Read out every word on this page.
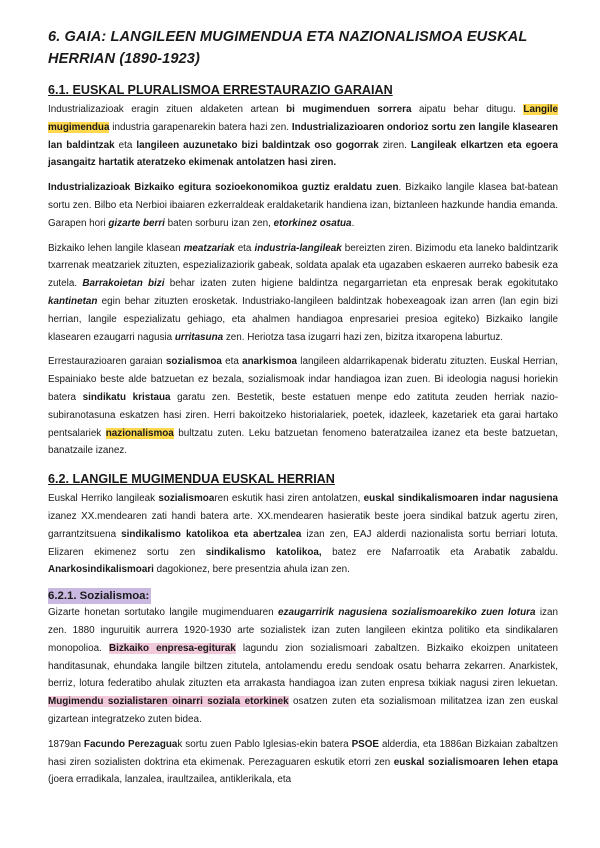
6. GAIA: LANGILEEN MUGIMENDUA ETA NAZIONALISMOA EUSKAL HERRIAN (1890-1923)
6.1. EUSKAL PLURALISMOA ERRESTAURAZIO GARAIAN

Industrializazioak eragin zituen aldaketen artean bi mugimenduen sorrera aipatu behar ditugu. Langile mugimendua industria garapenarekin batera hazi zen. Industrializazioaren ondorioz sortu zen langile klasearen lan baldintzak eta langileen auzunetako bizi baldintzak oso gogorrak ziren. Langileak elkartzen eta egoera jasangaitz hartatik ateratzeko ekimenak antolatzen hasi ziren.

Industrializazioak Bizkaiko egitura sozioekonomikoa guztiz eraldatu zuen. Bizkaiko langile klasea bat-batean sortu zen. Bilbo eta Nerbioi ibaiaren ezkerraldeak eraldaketarik handiena izan, biztanleen hazkunde handia emanda. Garapen hori gizarte berri baten sorburu izan zen, etorkinez osatua.

Bizkaiko lehen langile klasean meatzariak eta industria-langileak bereizten ziren. Bizimodu eta laneko baldintzarik txarrenak meatzariek zituzten, espezializaziorik gabeak, soldata apalak eta ugazaben eskaeren aurreko babesik eza zutela. Barrakoietan bizi behar izaten zuten higiene baldintza negargarrietan eta enpresak berak egokitutako kantinetan egin behar zituzten erosketak. Industriako-langileen baldintzak hobexeagoak izan arren (lan egin bizi herrian, langile espezializatu gehiago, eta ahalmen handiagoa enpresariei presioa egiteko) Bizkaiko langile klasearen ezaugarri nagusia urritasuna zen. Heriotza tasa izugarri hazi zen, bizitza itxaropena laburtuz.

Errestaurazioaren garaian sozialismoa eta anarkismoa langileen aldarrikapenak bideratu zituzten. Euskal Herrian, Espainiako beste alde batzuetan ez bezala, sozialismoak indar handiagoa izan zuen. Bi ideologia nagusi horiekin batera sindikatu kristaua garatu zen. Bestetik, beste estatuen menpe edo zatituta zeuden herriak nazio-subiranotasuna eskatzen hasi ziren. Herri bakoitzeko historialariek, poetek, idazleek, kazetariek eta garai hartako pentsalariek nazionalismoa bultzatu zuten. Leku batzuetan fenomeno bateratzailea izanez eta beste batzuetan, banatzaile izanez.

6.2. LANGILE MUGIMENDUA EUSKAL HERRIAN

Euskal Herriko langileak sozialismoaren eskutik hasi ziren antolatzen, euskal sindikalismoaren indar nagusiena izanez XX.mendearen zati handi batera arte. XX.mendearen hasieratik beste joera sindikal batzuk agertu ziren, garrantzitsuena sindikalismo katolikoa eta abertzalea izan zen, EAJ alderdi nazionalista sortu berriari lotuta. Elizaren ekimenez sortu zen sindikalismo katolikoa, batez ere Nafarroatik eta Arabatik zabaldu. Anarkosindikalismoari dagokionez, bere presentzia ahula izan zen.

6.2.1. Sozialismoa:

Gizarte honetan sortutako langile mugimenduaren ezaugarririk nagusiena sozialismoarekiko zuen lotura izan zen. 1880 inguruitik aurrera 1920-1930 arte sozialistek izan zuten langileen ekintza politiko eta sindikalaren monopolioa. Bizkaiko enpresa-egiturak lagundu zion sozialismoari zabaltzen. Bizkaiko ekoizpen unitateen handitasunak, ehundaka langile biltzen zitutela, antolamendu eredu sendoak osatu beharra zekarren. Anarkistek, berriz, lotura federatibo ahulak zituzten eta arrakasta handiagoa izan zuten enpresa txikiak nagusi ziren lekuetan. Mugimendu sozialistaren oinarri soziala etorkinek osatzen zuten eta sozialismoan militatzea izan zen euskal gizartean integratzeko zuten bidea.

1879an Facundo Perezaguak sortu zuen Pablo Iglesias-ekin batera PSOE alderdia, eta 1886an Bizkaian zabaltzen hasi ziren sozialisten doktrina eta ekimenak. Perezaguaren eskutik etorri zen euskal sozialismoaren lehen etapa (joera erradikala, lanzalea, iraultzailea, antiklerikala, eta
